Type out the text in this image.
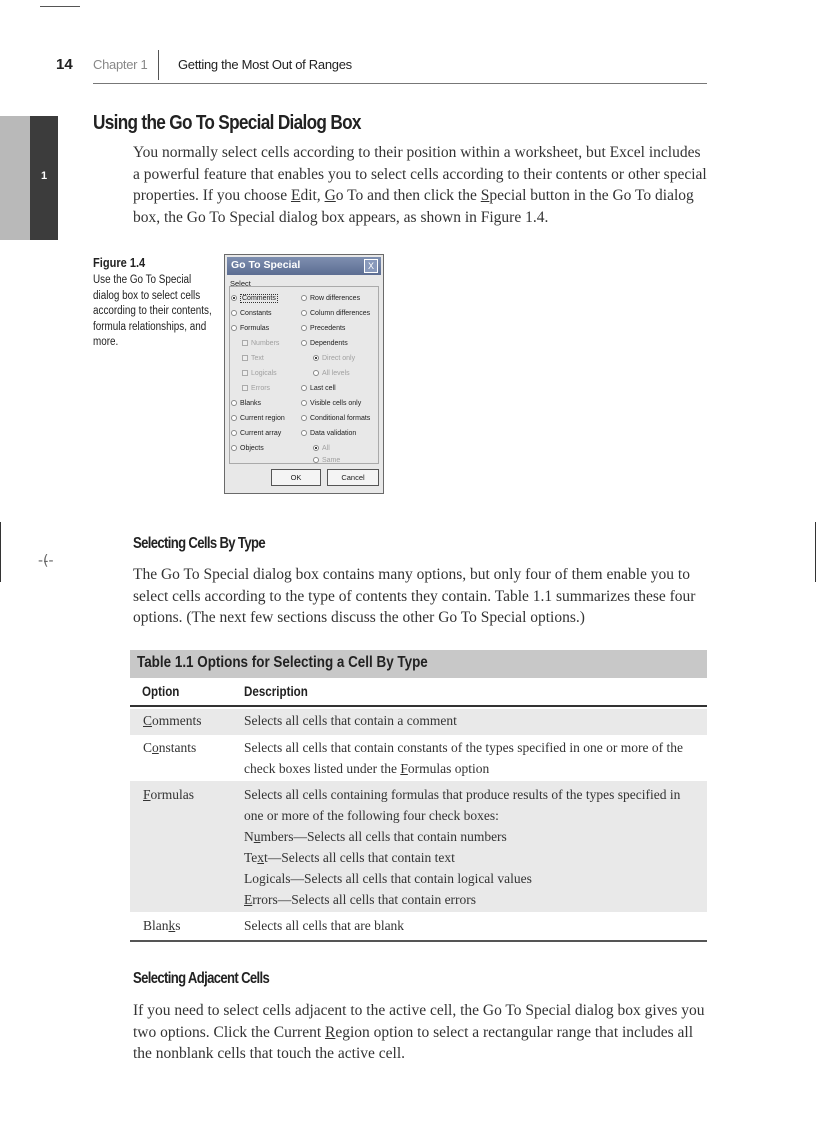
14 Chapter 1 Getting the Most Out of Ranges
1
Using the Go To Special Dialog Box

You normally select cells according to their position within a worksheet, but Excel includes a powerful feature that enables you to select cells according to their contents or other special properties. If you choose Edit, Go To and then click the Special button in the Go To dialog box, the Go To Special dialog box appears, as shown in Figure 1.4.

Figure 1.4
Use the Go To Special dialog box to select cells according to their contents, formula relationships, and more.
Go To Special	X
Select
Comments
Constants
Formulas
Numbers
Text
Logicals
Errors
Blanks
Current region
Current array
Objects
Row differences
Column differences
Precedents
Dependents
Direct only
All levels
Last cell
Visible cells only
Conditional formats
Data validation
All
Same
OK	Cancel
-(̵-
Selecting Cells By Type

The Go To Special dialog box contains many options, but only four of them enable you to select cells according to the type of contents they contain. Table 1.1 summarizes these four options. (The next few sections discuss the other Go To Special options.)

Table 1.1 Options for Selecting a Cell By Type
Option	Description
Comments	Selects all cells that contain a comment
Constants	Selects all cells that contain constants of the types specified in one or more of the check boxes listed under the Formulas option
Formulas	Selects all cells containing formulas that produce results of the types specified in one or more of the following four check boxes:
Numbers—Selects all cells that contain numbers
Text—Selects all cells that contain text
Logicals—Selects all cells that contain logical values
Errors—Selects all cells that contain errors
Blanks	Selects all cells that are blank
Selecting Adjacent Cells

If you need to select cells adjacent to the active cell, the Go To Special dialog box gives you two options. Click the Current Region option to select a rectangular range that includes all the nonblank cells that touch the active cell.
